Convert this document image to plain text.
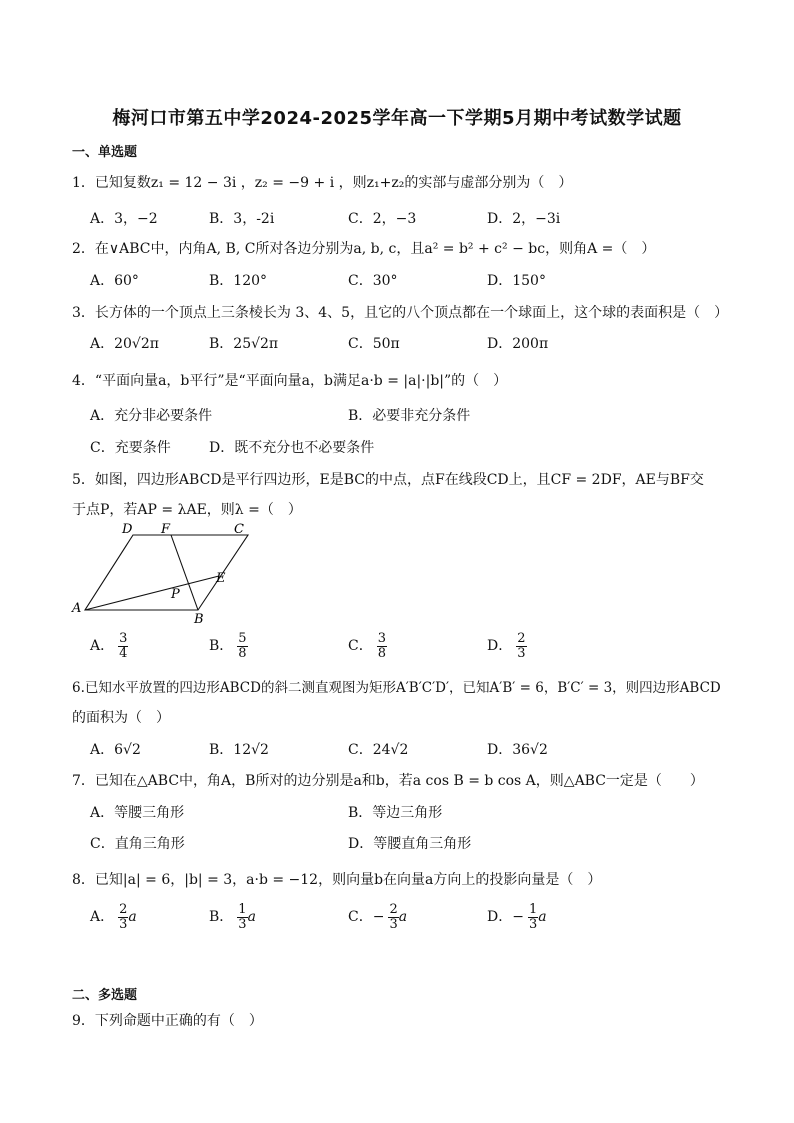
梅河口市第五中学2024-2025学年高一下学期5月期中考试数学试题
一、单选题
1．已知复数z₁ = 12 − 3i ，z₂ = −9 + i ，则z₁+z₂的实部与虚部分别为（　）
A．3，−2	B．3，-2i	C．2，−3	D．2，−3i
2．在∨ABC中，内角A, B, C所对各边分别为a, b, c，且a² = b² + c² − bc，则角A =（　）
A．60°	B．120°	C．30°	D．150°
3．长方体的一个顶点上三条棱长为 3、4、5，且它的八个顶点都在一个球面上，这个球的表面积是（　）
A．20√2π	B．25√2π	C．50π	D．200π
4．“平面向量a，b平行”是“平面向量a，b满足a·b = |a|·|b|”的（　）
A．充分非必要条件	B．必要非充分条件
C．充要条件	D．既不充分也不必要条件
5．如图，四边形ABCD是平行四边形，E是BC的中点，点F在线段CD上，且CF = 2DF，AE与BF交
于点P，若AP = λAE，则λ =（　）
A
B
C
D
E
F
P
A． $\frac{3}{4}$	B． $\frac{5}{8}$	C． $\frac{3}{8}$	D． $\frac{2}{3}$
6.已知水平放置的四边形ABCD的斜二测直观图为矩形A′B′C′D′，已知A′B′ = 6，B′C′ = 3，则四边形ABCD
的面积为（　）
A．6√2	B．12√2	C．24√2	D．36√2
7．已知在△ABC中，角A，B所对的边分别是a和b，若a cos B = b cos A，则△ABC一定是（　　）
A．等腰三角形	B．等边三角形
C．直角三角形	D．等腰直角三角形
8．已知|a| = 6，|b| = 3，a·b = −12，则向量b在向量a方向上的投影向量是（　）
A． $\frac{2}{3}$ a	B． $\frac{1}{3}$ a	C．− $\frac{2}{3}$ a	D．− $\frac{1}{3}$ a
二、多选题
9．下列命题中正确的有（　）
